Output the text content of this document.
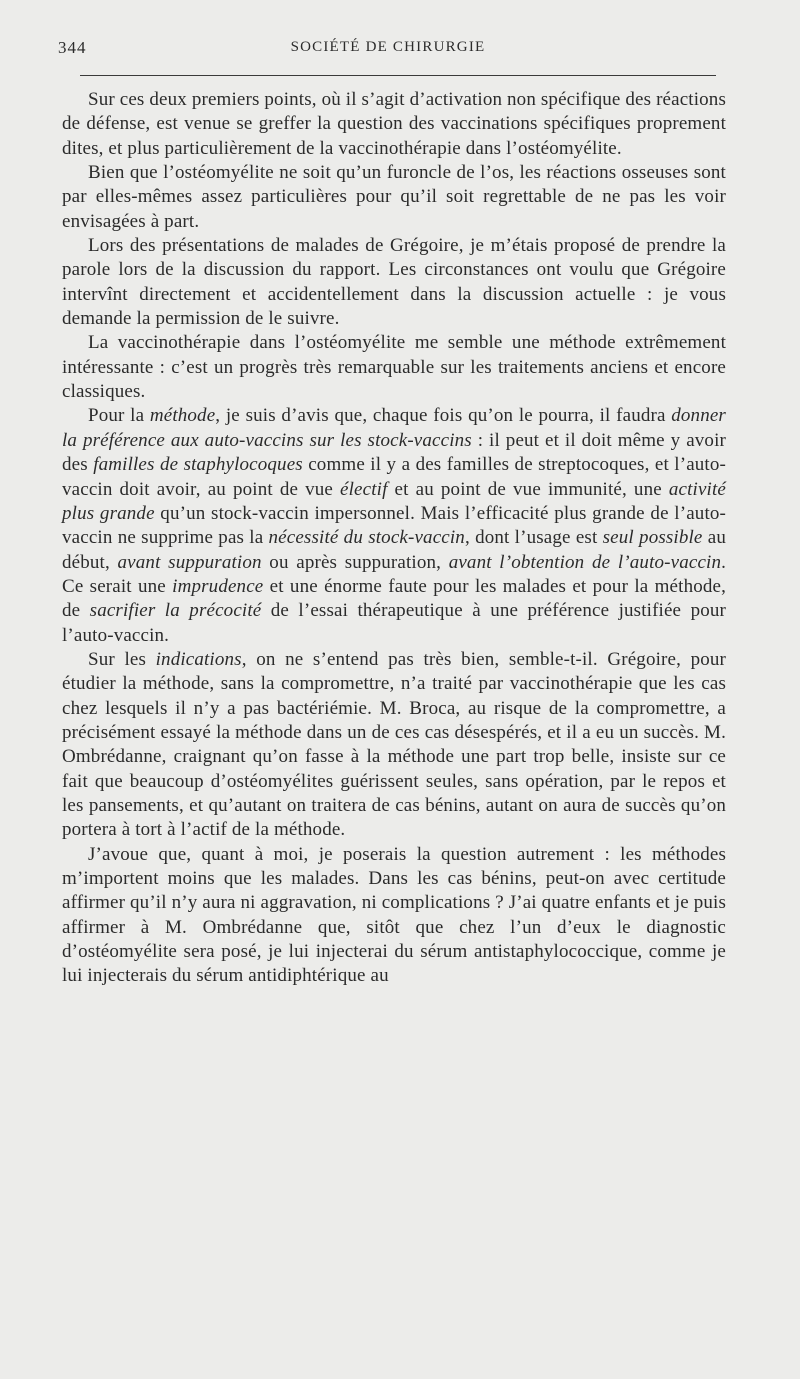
344	SOCIÉTÉ DE CHIRURGIE

Sur ces deux premiers points, où il s’agit d’activation non spécifique des réactions de défense, est venue se greffer la question des vaccinations spécifiques proprement dites, et plus particulièrement de la vaccinothérapie dans l’ostéomyélite.

Bien que l’ostéomyélite ne soit qu’un furoncle de l’os, les réactions osseuses sont par elles-mêmes assez particulières pour qu’il soit regrettable de ne pas les voir envisagées à part.

Lors des présentations de malades de Grégoire, je m’étais proposé de prendre la parole lors de la discussion du rapport. Les circonstances ont voulu que Grégoire intervînt directement et accidentellement dans la discussion actuelle : je vous demande la permission de le suivre.

La vaccinothérapie dans l’ostéomyélite me semble une méthode extrêmement intéressante : c’est un progrès très remarquable sur les traitements anciens et encore classiques.

Pour la méthode, je suis d’avis que, chaque fois qu’on le pourra, il faudra donner la préférence aux auto-vaccins sur les stock-vaccins : il peut et il doit même y avoir des familles de staphylocoques comme il y a des familles de streptocoques, et l’auto-vaccin doit avoir, au point de vue électif et au point de vue immunité, une activité plus grande qu’un stock-vaccin impersonnel. Mais l’efficacité plus grande de l’auto-vaccin ne supprime pas la nécessité du stock-vaccin, dont l’usage est seul possible au début, avant suppuration ou après suppuration, avant l’obtention de l’auto-vaccin. Ce serait une imprudence et une énorme faute pour les malades et pour la méthode, de sacrifier la précocité de l’essai thérapeutique à une préférence justifiée pour l’auto-vaccin.

Sur les indications, on ne s’entend pas très bien, semble-t-il. Grégoire, pour étudier la méthode, sans la compromettre, n’a traité par vaccinothérapie que les cas chez lesquels il n’y a pas bactériémie. M. Broca, au risque de la compromettre, a précisément essayé la méthode dans un de ces cas désespérés, et il a eu un succès. M. Ombrédanne, craignant qu’on fasse à la méthode une part trop belle, insiste sur ce fait que beaucoup d’ostéomyélites guérissent seules, sans opération, par le repos et les pansements, et qu’autant on traitera de cas bénins, autant on aura de succès qu’on portera à tort à l’actif de la méthode.

J’avoue que, quant à moi, je poserais la question autrement : les méthodes m’importent moins que les malades. Dans les cas bénins, peut-on avec certitude affirmer qu’il n’y aura ni aggravation, ni complications ? J’ai quatre enfants et je puis affirmer à M. Ombrédanne que, sitôt que chez l’un d’eux le diagnostic d’ostéomyélite sera posé, je lui injecterai du sérum antistaphylococcique, comme je lui injecterais du sérum antidiphtérique au
